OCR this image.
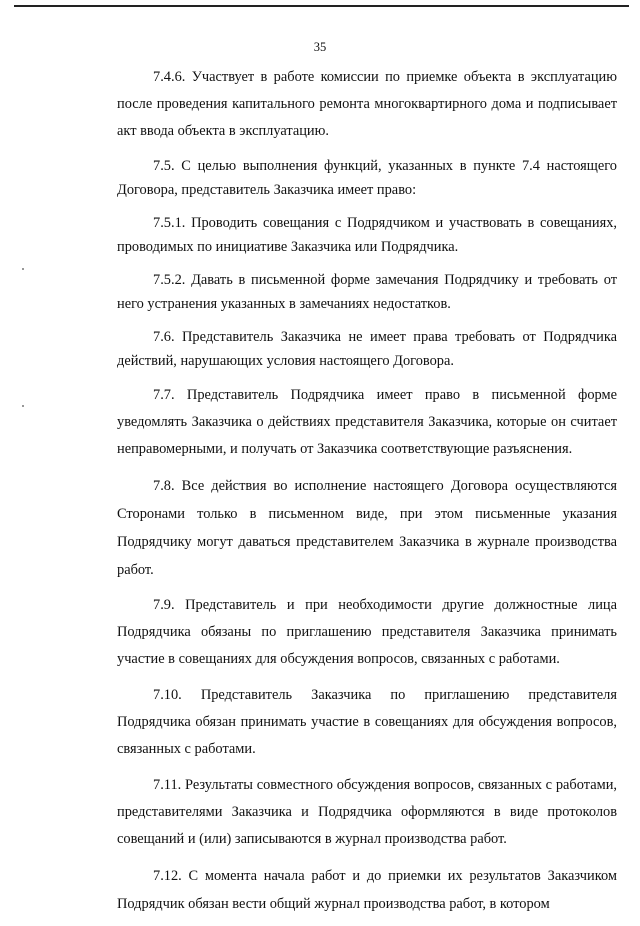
35

7.4.6. Участвует в работе комиссии по приемке объекта в эксплуатацию после проведения капитального ремонта многоквартирного дома и подписывает акт ввода объекта в эксплуатацию.

7.5. С целью выполнения функций, указанных в пункте 7.4 настоящего Договора, представитель Заказчика имеет право:

7.5.1. Проводить совещания с Подрядчиком и участвовать в совещаниях, проводимых по инициативе Заказчика или Подрядчика.

7.5.2. Давать в письменной форме замечания Подрядчику и требовать от него устранения указанных в замечаниях недостатков.

7.6. Представитель Заказчика не имеет права требовать от Подрядчика действий, нарушающих условия настоящего Договора.

7.7. Представитель Подрядчика имеет право в письменной форме уведомлять Заказчика о действиях представителя Заказчика, которые он считает неправомерными, и получать от Заказчика соответствующие разъяснения.

7.8. Все действия во исполнение настоящего Договора осуществляются Сторонами только в письменном виде, при этом письменные указания Подрядчику могут даваться представителем Заказчика в журнале производства работ.

7.9. Представитель и при необходимости другие должностные лица Подрядчика обязаны по приглашению представителя Заказчика принимать участие в совещаниях для обсуждения вопросов, связанных с работами.

7.10. Представитель Заказчика по приглашению представителя Подрядчика обязан принимать участие в совещаниях для обсуждения вопросов, связанных с работами.

7.11. Результаты совместного обсуждения вопросов, связанных с работами, представителями Заказчика и Подрядчика оформляются в виде протоколов совещаний и (или) записываются в журнал производства работ.

7.12. С момента начала работ и до приемки их результатов Заказчиком Подрядчик обязан вести общий журнал производства работ, в котором
